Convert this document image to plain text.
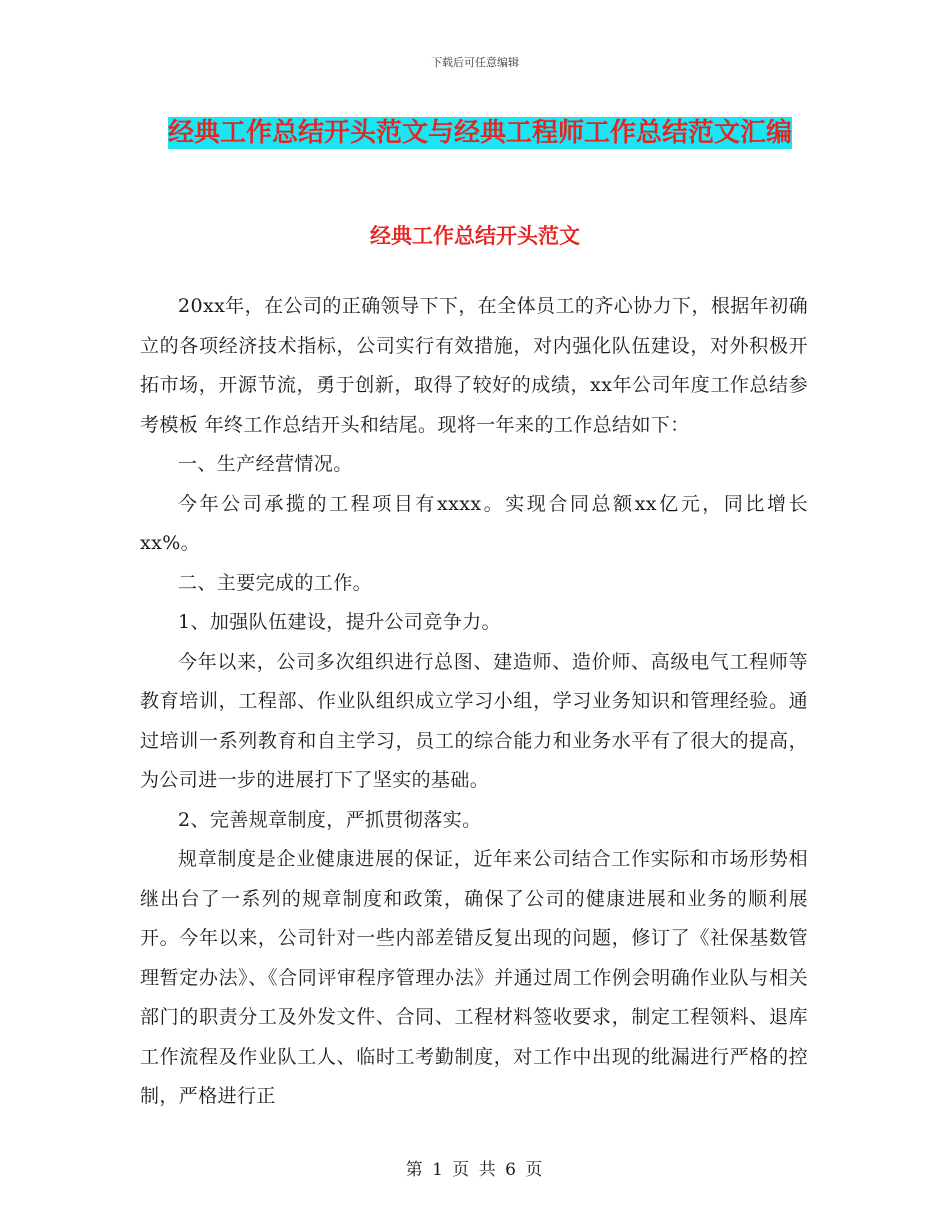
下载后可任意编辑
经典工作总结开头范文与经典工程师工作总结范文汇编
经典工作总结开头范文

20xx年，在公司的正确领导下下，在全体员工的齐心协力下，根据年初确立的各项经济技术指标，公司实行有效措施，对内强化队伍建设，对外积极开拓市场，开源节流，勇于创新，取得了较好的成绩，xx年公司年度工作总结参考模板 年终工作总结开头和结尾。现将一年来的工作总结如下：

一、生产经营情况。

今年公司承揽的工程项目有xxxx。实现合同总额xx亿元，同比增长xx%。

二、主要完成的工作。

1、加强队伍建设，提升公司竞争力。

今年以来，公司多次组织进行总图、建造师、造价师、高级电气工程师等教育培训，工程部、作业队组织成立学习小组，学习业务知识和管理经验。通过培训一系列教育和自主学习，员工的综合能力和业务水平有了很大的提高，为公司进一步的进展打下了坚实的基础。

2、完善规章制度，严抓贯彻落实。

规章制度是企业健康进展的保证，近年来公司结合工作实际和市场形势相继出台了一系列的规章制度和政策，确保了公司的健康进展和业务的顺利展开。今年以来，公司针对一些内部差错反复出现的问题，修订了《社保基数管理暂定办法》、《合同评审程序管理办法》并通过周工作例会明确作业队与相关部门的职责分工及外发文件、合同、工程材料签收要求，制定工程领料、退库工作流程及作业队工人、临时工考勤制度，对工作中出现的纰漏进行严格的控制，严格进行正

第 1 页 共 6 页
